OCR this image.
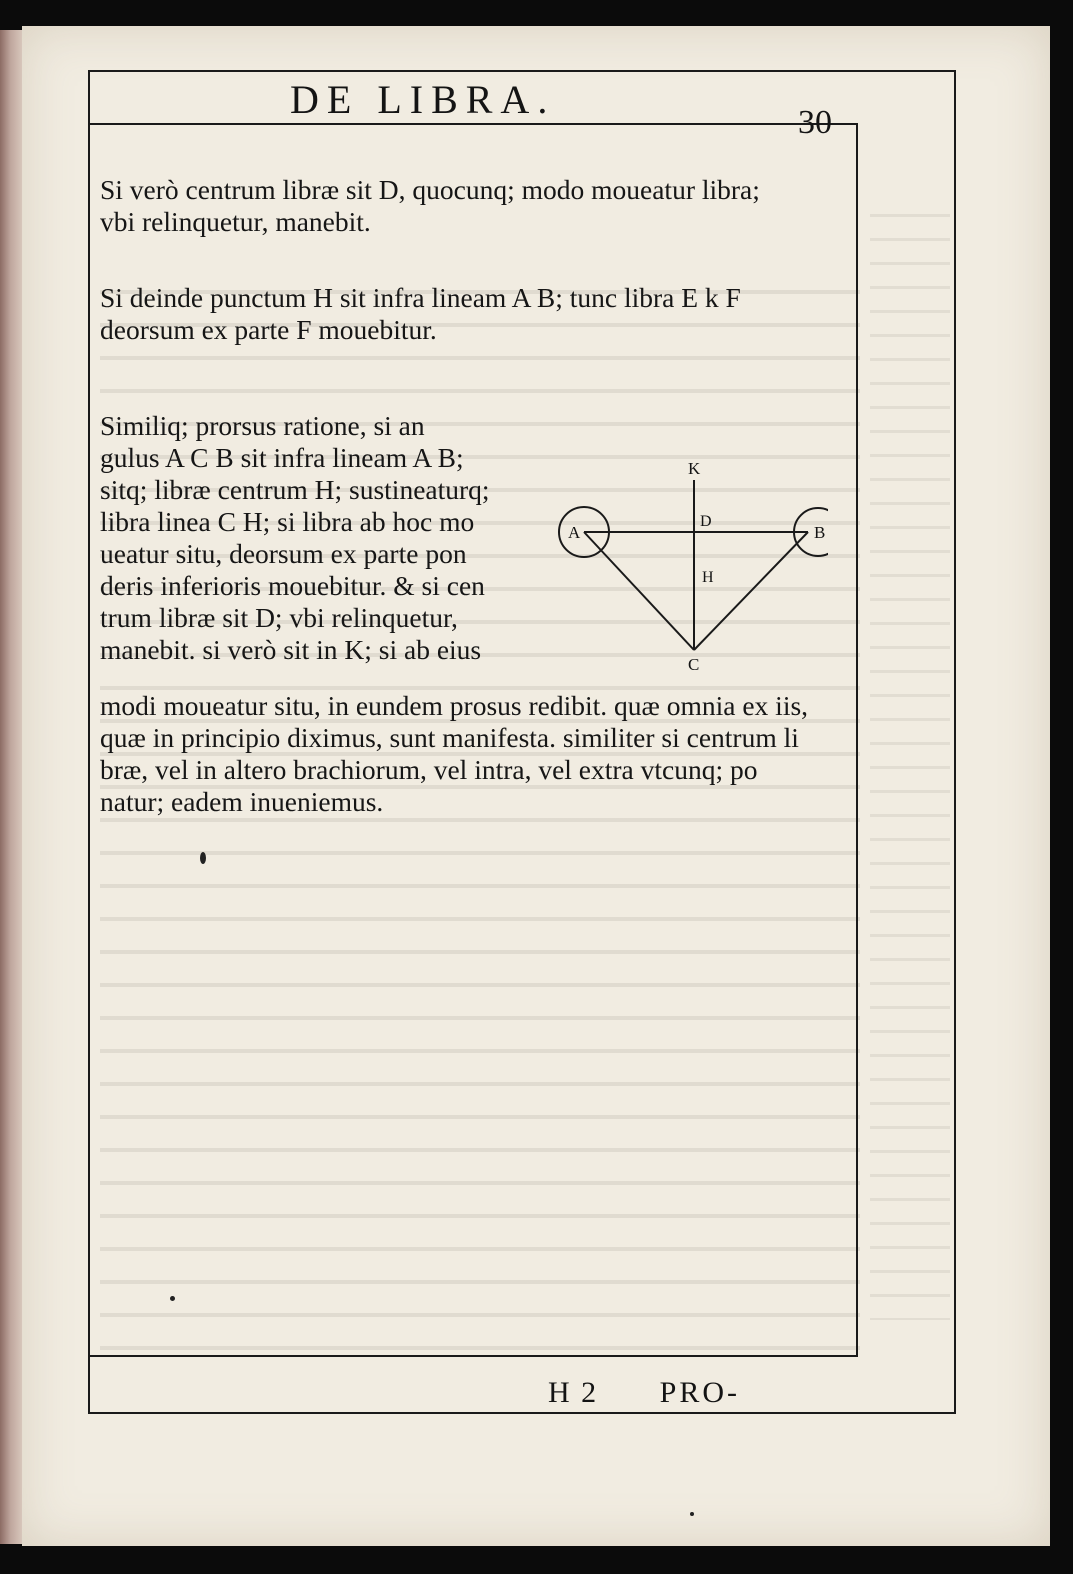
DE LIBRA.
30
Si verò centrum libræ sit D, quocunq; modo moueatur libra;
vbi relinquetur, manebit.
Si deinde punctum H sit infra lineam A B; tunc libra E k F
deorsum ex parte F mouebitur.
Similiq; prorsus ratione, si an
gulus A C B sit infra lineam A B;
sitq; libræ centrum H; sustineaturq;
libra linea C H; si libra ab hoc mo
ueatur situ, deorsum ex parte pon
deris inferioris mouebitur. & si cen
trum libræ sit D; vbi relinquetur,
manebit. si verò sit in K; si ab eius
modi moueatur situ, in eundem prosus redibit. quæ omnia ex iis,
quæ in principio diximus, sunt manifesta. similiter si centrum li
bræ, vel in altero brachiorum, vel intra, vel extra vtcunq; po
natur; eadem inueniemus.
A	B
K
D
H
C
H 2 PRO-
